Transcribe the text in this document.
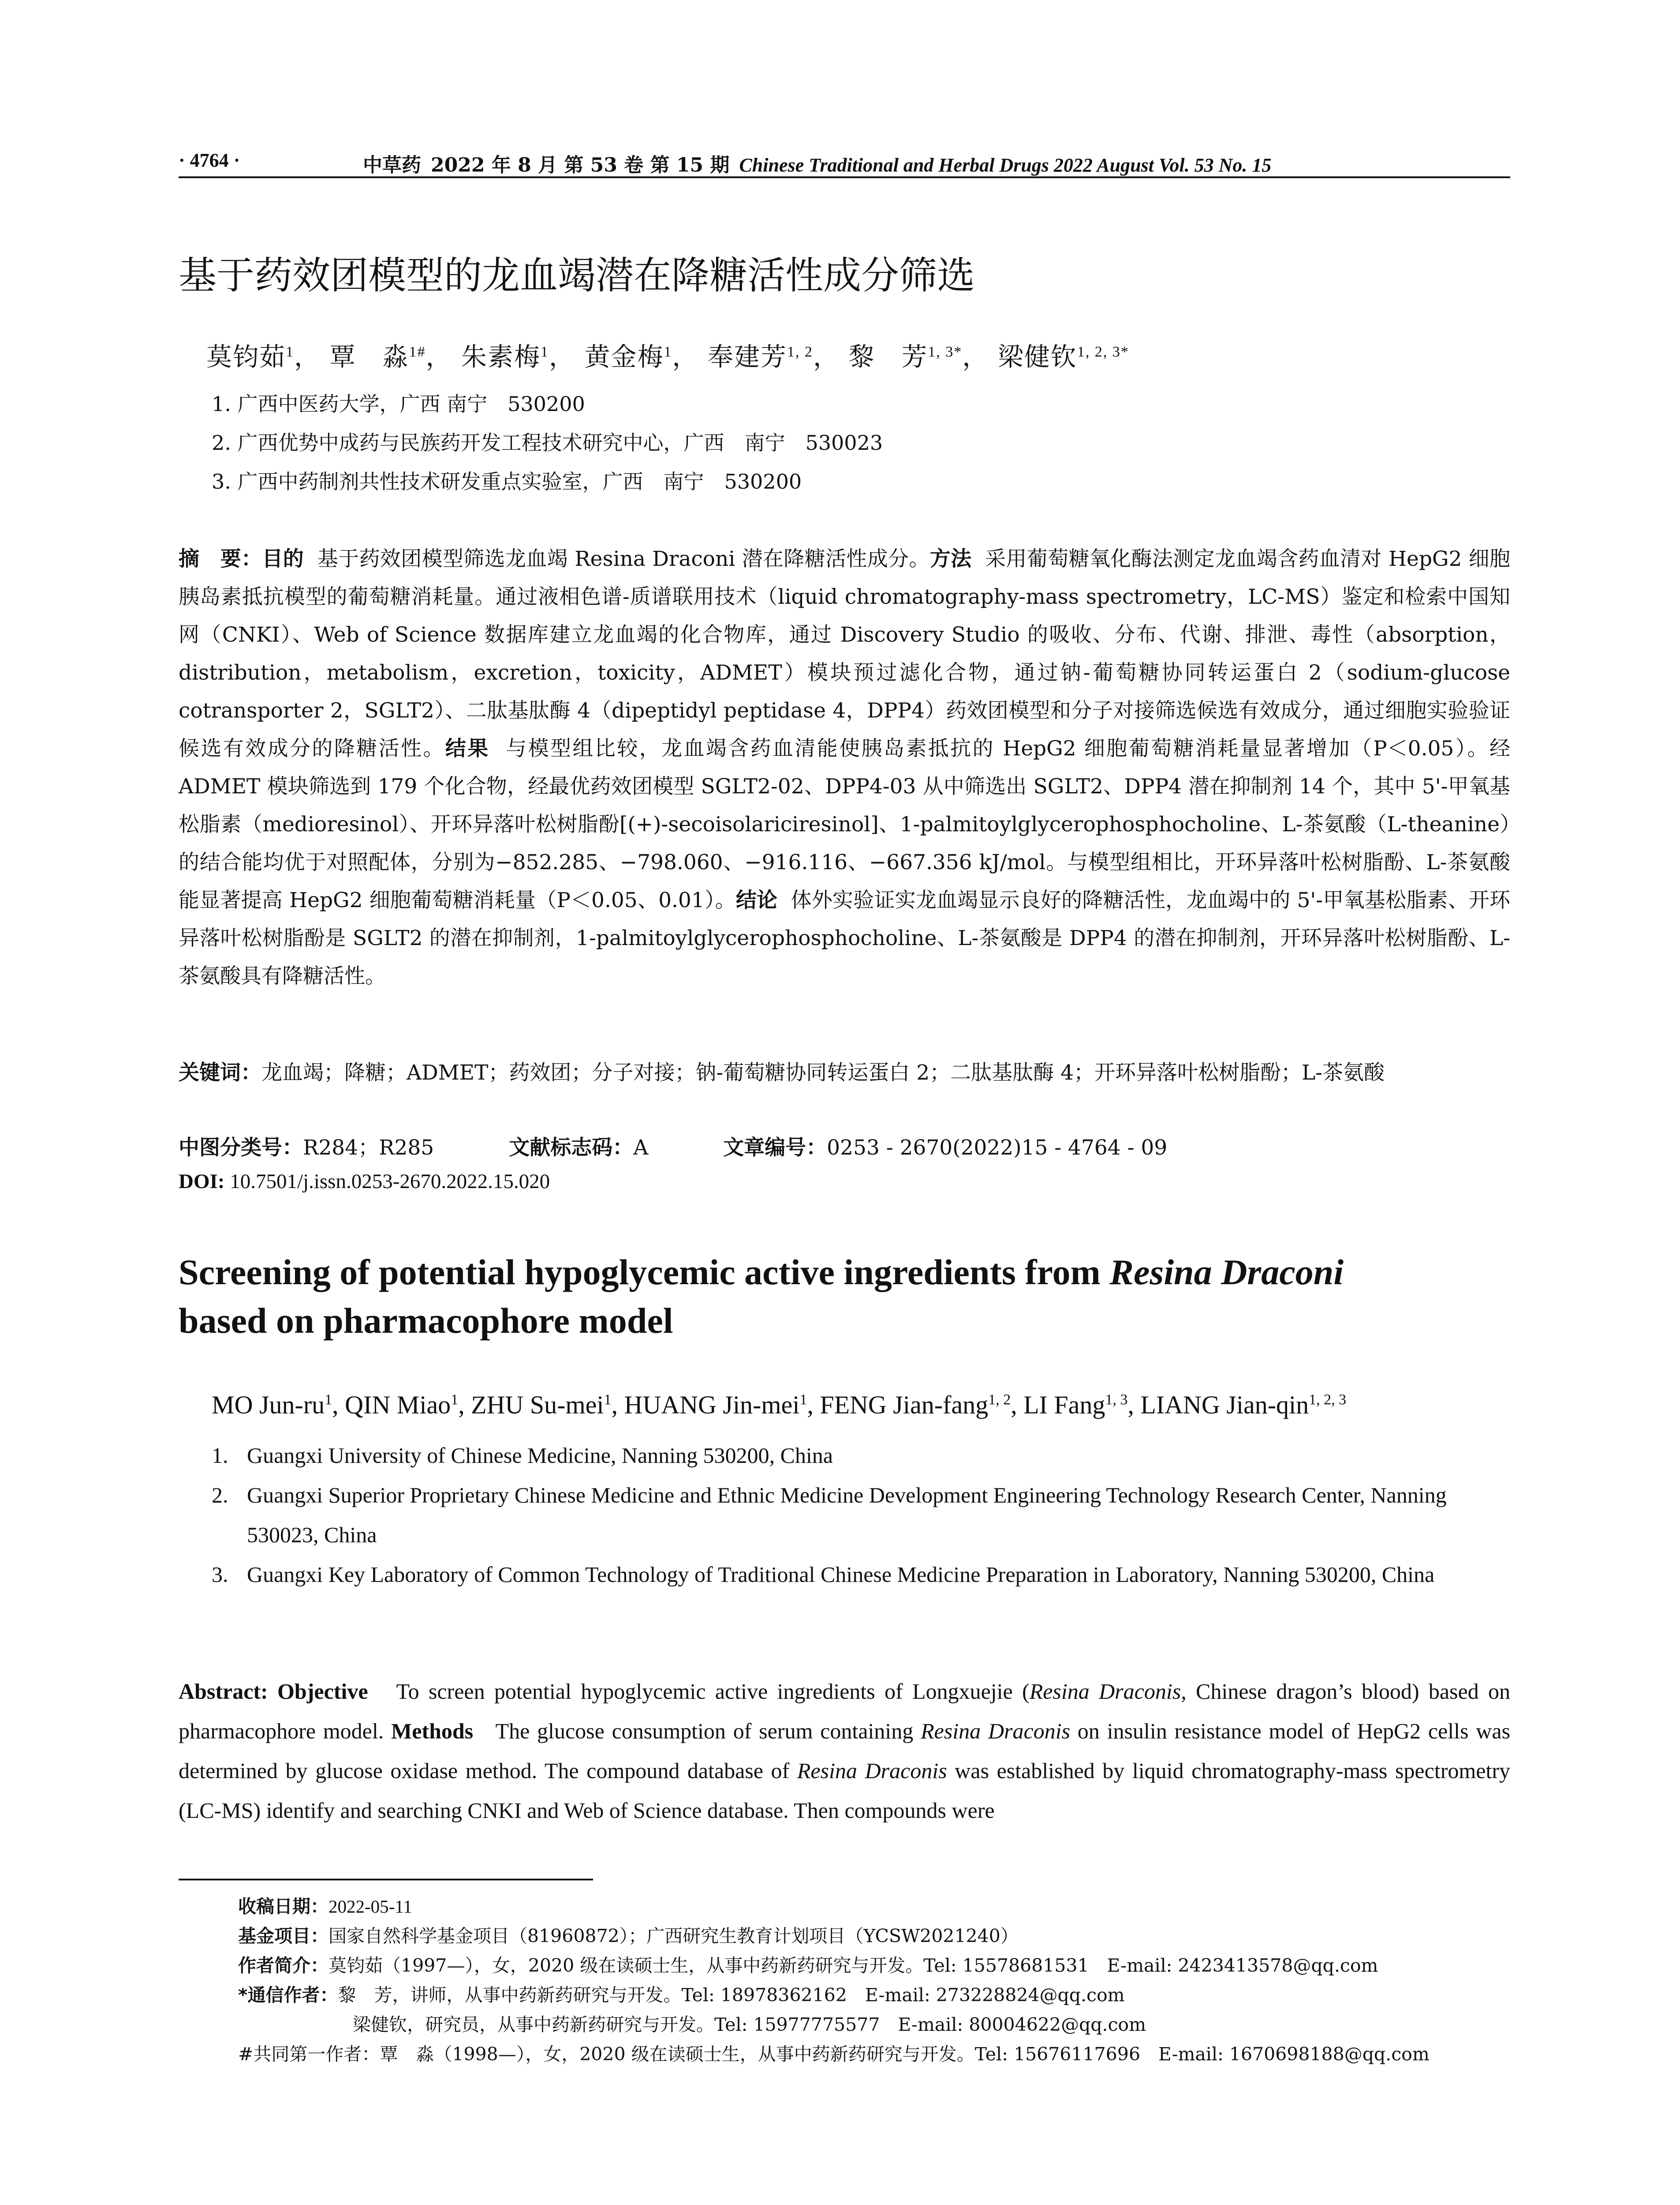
· 4764 ·	中草药 2022 年 8 月 第 53 卷 第 15 期 Chinese Traditional and Herbal Drugs 2022 August Vol. 53 No. 15
基于药效团模型的龙血竭潜在降糖活性成分筛选
莫钧茹$^1$， 覃　淼$^{1\#}$， 朱素梅$^1$， 黄金梅$^1$， 奉建芳$^{1, 2}$， 黎　芳$^{1, 3*}$， 梁健钦$^{1, 2, 3*}$
1. 广西中医药大学，广西 南宁　530200
2. 广西优势中成药与民族药开发工程技术研究中心，广西　南宁　530023
3. 广西中药制剂共性技术研发重点实验室，广西　南宁　530200
摘　要：目的 基于药效团模型筛选龙血竭 Resina Draconi 潜在降糖活性成分。方法 采用葡萄糖氧化酶法测定龙血竭含药血清对 HepG2 细胞胰岛素抵抗模型的葡萄糖消耗量。通过液相色谱-质谱联用技术（liquid chromatography-mass spectrometry，LC-MS）鉴定和检索中国知网（CNKI）、Web of Science 数据库建立龙血竭的化合物库，通过 Discovery Studio 的吸收、分布、代谢、排泄、毒性（absorption，distribution，metabolism，excretion，toxicity，ADMET）模块预过滤化合物，通过钠-葡萄糖协同转运蛋白 2（sodium-glucose cotransporter 2，SGLT2）、二肽基肽酶 4（dipeptidyl peptidase 4，DPP4）药效团模型和分子对接筛选候选有效成分，通过细胞实验验证候选有效成分的降糖活性。结果 与模型组比较，龙血竭含药血清能使胰岛素抵抗的 HepG2 细胞葡萄糖消耗量显著增加（P＜0.05）。经 ADMET 模块筛选到 179 个化合物，经最优药效团模型 SGLT2-02、DPP4-03 从中筛选出 SGLT2、DPP4 潜在抑制剂 14 个，其中 5'-甲氧基松脂素（medioresinol）、开环异落叶松树脂酚[(+)-secoisolariciresinol]、1-palmitoylglycerophosphocholine、L-茶氨酸（L-theanine）的结合能均优于对照配体，分别为−852.285、−798.060、−916.116、−667.356 kJ/mol。与模型组相比，开环异落叶松树脂酚、L-茶氨酸能显著提高 HepG2 细胞葡萄糖消耗量（P＜0.05、0.01）。结论 体外实验证实龙血竭显示良好的降糖活性，龙血竭中的 5'-甲氧基松脂素、开环异落叶松树脂酚是 SGLT2 的潜在抑制剂，1-palmitoylglycerophosphocholine、L-茶氨酸是 DPP4 的潜在抑制剂，开环异落叶松树脂酚、L-茶氨酸具有降糖活性。
关键词：龙血竭；降糖；ADMET；药效团；分子对接；钠-葡萄糖协同转运蛋白 2；二肽基肽酶 4；开环异落叶松树脂酚；L-茶氨酸
中图分类号：R284；R285	文献标志码：A	文章编号：0253 - 2670(2022)15 - 4764 - 09
DOI: 10.7501/j.issn.0253-2670.2022.15.020
Screening of potential hypoglycemic active ingredients from Resina Draconi
based on pharmacophore model
MO Jun-$ru^1$, QIN Miao$^1$, ZHU Su-mei$^1$, HUANG Jin-mei$^1$, FENG Jian-fang$^{1, 2}$, LI Fang$^{1, 3}$, LIANG Jian-qin$^{1, 2, 3}$
1. Guangxi University of Chinese Medicine, Nanning 530200, China
2. Guangxi Superior Proprietary Chinese Medicine and Ethnic Medicine Development Engineering Technology Research Center, Nanning 530023, China
3. Guangxi Key Laboratory of Common Technology of Traditional Chinese Medicine Preparation in Laboratory, Nanning 530200, China
Abstract: Objective To screen potential hypoglycemic active ingredients of Longxuejie (Resina Draconis, Chinese dragon’s blood) based on pharmacophore model. Methods The glucose consumption of serum containing Resina Draconis on insulin resistance model of HepG2 cells was determined by glucose oxidase method. The compound database of Resina Draconis was established by liquid chromatography-mass spectrometry (LC-MS) identify and searching CNKI and Web of Science database. Then compounds were
收稿日期：2022-05-11
基金项目：国家自然科学基金项目（81960872）；广西研究生教育计划项目（YCSW2021240）
作者简介：莫钧茹（1997—），女，2020 级在读硕士生，从事中药新药研究与开发。Tel: 15578681531　E-mail: 2423413578@qq.com
*通信作者：黎　芳，讲师，从事中药新药研究与开发。Tel: 18978362162　E-mail: 273228824@qq.com
梁健钦，研究员，从事中药新药研究与开发。Tel: 15977775577　E-mail: 80004622@qq.com
#共同第一作者：覃　淼（1998—），女，2020 级在读硕士生，从事中药新药研究与开发。Tel: 15676117696　E-mail: 1670698188@qq.com
